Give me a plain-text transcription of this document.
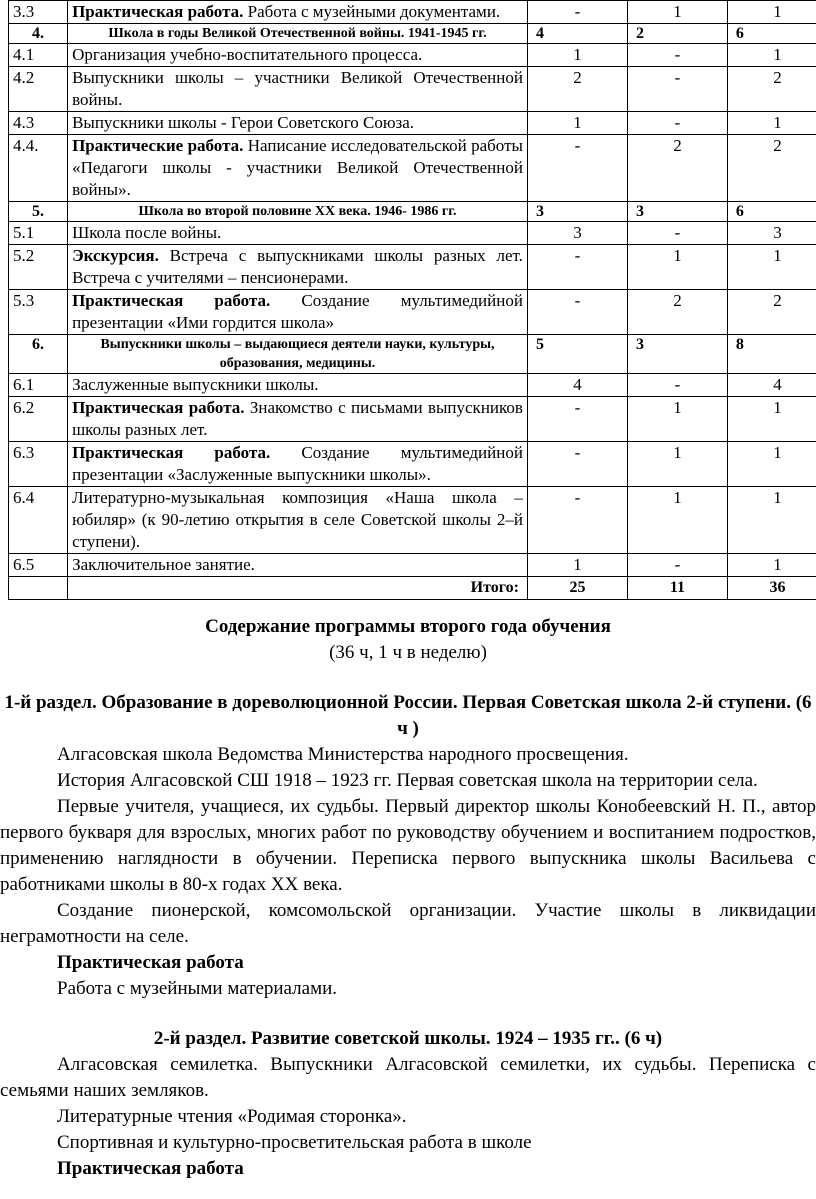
3.3	Практическая работа. Работа с музейными документами.	-	1	1
4.	Школа в годы Великой Отечественной войны. 1941-1945 гг.	4	2	6
4.1	Организация учебно-воспитательного процесса.	1	-	1
4.2	Выпускники школы – участники Великой Отечественной войны.	2	-	2
4.3	Выпускники школы - Герои Советского Союза.	1	-	1
4.4.	Практические работа. Написание исследовательской работы «Педагоги школы - участники Великой Отечественной войны».	-	2	2
5.	Школа во второй половине XX века. 1946- 1986 гг.	3	3	6
5.1	Школа после войны.	3	-	3
5.2	Экскурсия. Встреча с выпускниками школы разных лет. Встреча с учителями – пенсионерами.	-	1	1
5.3	Практическая работа. Создание мультимедийной презентации «Ими гордится школа»	-	2	2
6.	Выпускники школы – выдающиеся деятели науки, культуры, образования, медицины.	5	3	8
6.1	Заслуженные выпускники школы.	4	-	4
6.2	Практическая работа. Знакомство с письмами выпускников школы разных лет.	-	1	1
6.3	Практическая работа. Создание мультимедийной презентации «Заслуженные выпускники школы».	-	1	1
6.4	Литературно-музыкальная композиция «Наша школа – юбиляр» (к 90-летию открытия в селе Советской школы 2–й ступени).	-	1	1
6.5	Заключительное занятие.	1	-	1
	Итого:	25	11	36

Содержание программы второго года обучения

(36 ч, 1 ч в неделю)

1-й раздел. Образование в дореволюционной России. Первая Советская школа 2-й ступени. (6 ч )

Алгасовская школа Ведомства Министерства народного просвещения.

История Алгасовской СШ 1918 – 1923 гг. Первая советская школа на территории села.

Первые учителя, учащиеся, их судьбы. Первый директор школы Конобеевский Н. П., автор первого букваря для взрослых, многих работ по руководству обучением и воспитанием подростков, применению наглядности в обучении. Переписка первого выпускника школы Васильева с работниками школы в 80-х годах XX века.

Создание пионерской, комсомольской организации. Участие школы в ликвидации неграмотности на селе.

Практическая работа

Работа с музейными материалами.

2-й раздел. Развитие советской школы. 1924 – 1935 гг.. (6 ч)

Алгасовская семилетка. Выпускники Алгасовской семилетки, их судьбы. Переписка с семьями наших земляков.

Литературные чтения «Родимая сторонка».

Спортивная и культурно-просветительская работа в школе

Практическая работа
